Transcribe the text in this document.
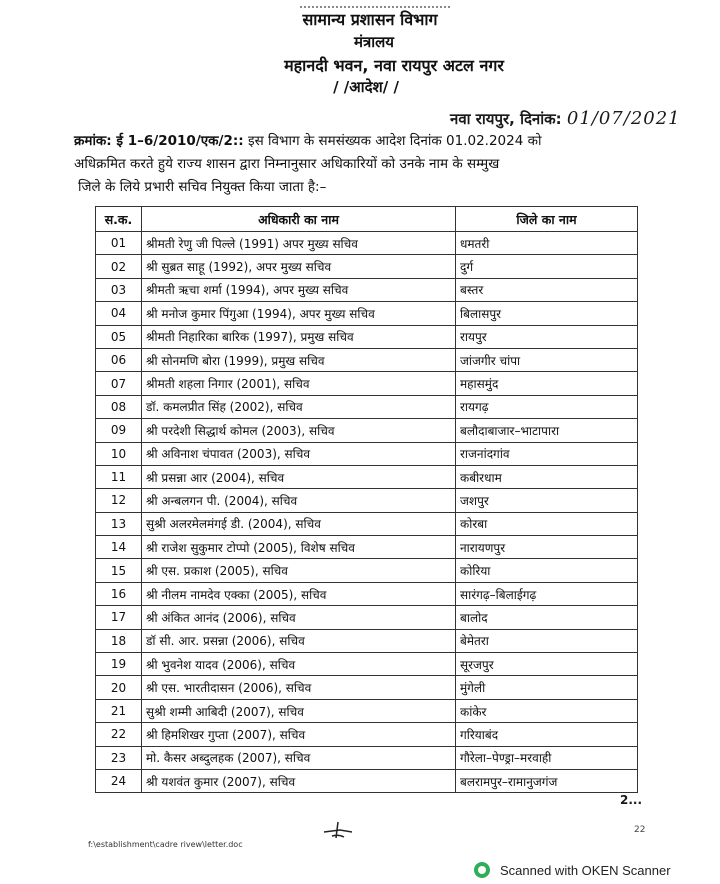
सामान्य प्रशासन विभाग
मंत्रालय
महानदी भवन, नवा रायपुर अटल नगर
/ /आदेश/ /
नवा रायपुर, दिनांक: 01/07/2021
क्रमांक: ई 1–6/2010/एक/2:: इस विभाग के समसंख्यक आदेश दिनांक 01.02.2024 को
अधिक्रमित करते हुये राज्य शासन द्वारा निम्नानुसार अधिकारियों को उनके नाम के सम्मुख
जिले के लिये प्रभारी सचिव नियुक्त किया जाता है:–
स.क.	अधिकारी का नाम	जिले का नाम
01	श्रीमती रेणु जी पिल्ले (1991) अपर मुख्य सचिव	धमतरी
02	श्री सुब्रत साहू (1992), अपर मुख्य सचिव	दुर्ग
03	श्रीमती ऋचा शर्मा (1994), अपर मुख्य सचिव	बस्तर
04	श्री मनोज कुमार पिंगुआ (1994), अपर मुख्य सचिव	बिलासपुर
05	श्रीमती निहारिका बारिक (1997), प्रमुख सचिव	रायपुर
06	श्री सोनमणि बोरा (1999), प्रमुख सचिव	जांजगीर चांपा
07	श्रीमती शहला निगार (2001), सचिव	महासमुंद
08	डॉ. कमलप्रीत सिंह (2002), सचिव	रायगढ़
09	श्री परदेशी सिद्धार्थ कोमल (2003), सचिव	बलौदाबाजार–भाटापारा
10	श्री अविनाश चंपावत (2003), सचिव	राजनांदगांव
11	श्री प्रसन्ना आर (2004), सचिव	कबीरधाम
12	श्री अन्बलगन पी. (2004), सचिव	जशपुर
13	सुश्री अलरमेलमंगई डी. (2004), सचिव	कोरबा
14	श्री राजेश सुकुमार टोप्पो (2005), विशेष सचिव	नारायणपुर
15	श्री एस. प्रकाश (2005), सचिव	कोरिया
16	श्री नीलम नामदेव एक्का (2005), सचिव	सारंगढ़–बिलाईगढ़
17	श्री अंकित आनंद (2006), सचिव	बालोद
18	डॉ सी. आर. प्रसन्ना (2006), सचिव	बेमेतरा
19	श्री भुवनेश यादव (2006), सचिव	सूरजपुर
20	श्री एस. भारतीदासन (2006), सचिव	मुंगेली
21	सुश्री शम्मी आबिदी (2007), सचिव	कांकेर
22	श्री हिमशिखर गुप्ता (2007), सचिव	गरियाबंद
23	मो. कैसर अब्दुलहक (2007), सचिव	गौरेला–पेण्ड्रा–मरवाही
24	श्री यशवंत कुमार (2007), सचिव	बलरामपुर–रामानुजगंज
2...
22
f:\establishment\cadre rivew\letter.doc
Scanned with OKEN Scanner
